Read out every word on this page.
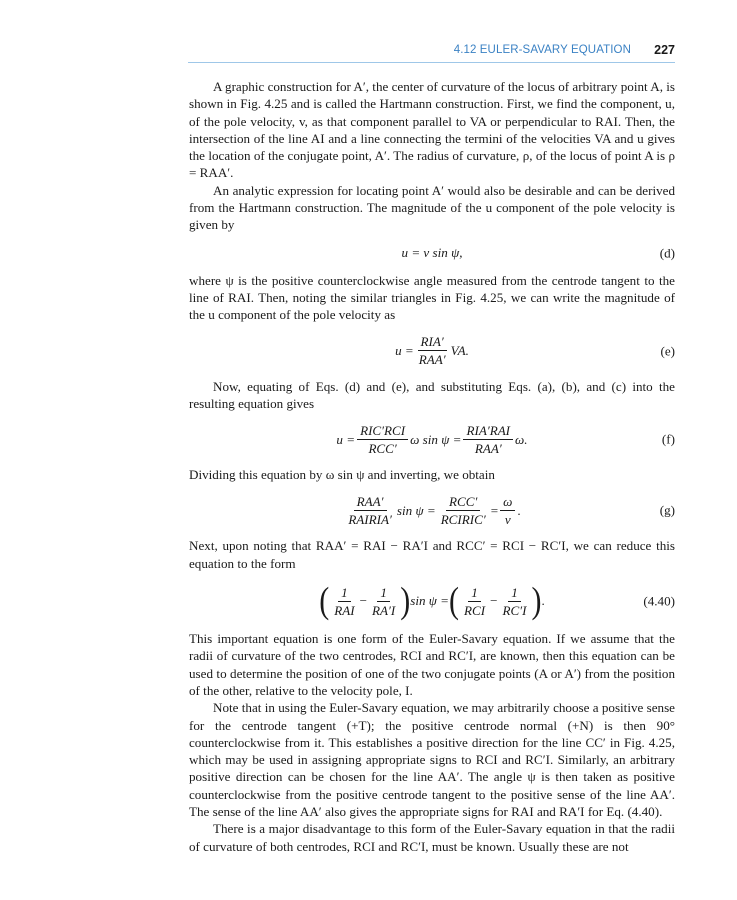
4.12 EULER-SAVARY EQUATION 227

A graphic construction for A′, the center of curvature of the locus of arbitrary point A, is shown in Fig. 4.25 and is called the Hartmann construction. First, we find the component, u, of the pole velocity, v, as that component parallel to VA or perpendicular to RAI. Then, the intersection of the line AI and a line connecting the termini of the velocities VA and u gives the location of the conjugate point, A′. The radius of curvature, ρ, of the locus of point A is ρ = RAA′.

An analytic expression for locating point A′ would also be desirable and can be derived from the Hartmann construction. The magnitude of the u component of the pole velocity is given by

u = v sin ψ,	(d)

where ψ is the positive counterclockwise angle measured from the centrode tangent to the line of RAI. Then, noting the similar triangles in Fig. 4.25, we can write the magnitude of the u component of the pole velocity as

$u = \frac{\text{RIA′}}{\text{RAA′}}$ VA.	(e)

Now, equating of Eqs. (d) and (e), and substituting Eqs. (a), (b), and (c) into the resulting equation gives

$u = \frac{\text{RIC′RCI}}{\text{RCC′}}$ ω $\sin \psi = \frac{\text{RIA′RAI}}{\text{RAA′}} \omega$.	(f)

Dividing this equation by ω sin ψ and inverting, we obtain

$\frac{\text{RAA′}}{\text{RAIRIA′}}$ $\sin \psi = \frac{\text{RCC′}}{\text{RCIRIC′}} = \frac{\omega}{v}$ .	(g)

Next, upon noting that RAA′ = RAI − RA′I and RCC′ = RCI − RC′I, we can reduce this equation to the form

( $\frac{1}{\text{RAI}} - \frac{1}{RA'I}$ ) sin ψ = ( $\frac{1}{\text{RCI}} - \frac{1}{RC'I}$ ) .	(4.40)

This important equation is one form of the Euler-Savary equation. If we assume that the radii of curvature of the two centrodes, RCI and RC′I, are known, then this equation can be used to determine the position of one of the two conjugate points (A or A′) from the position of the other, relative to the velocity pole, I.

Note that in using the Euler-Savary equation, we may arbitrarily choose a positive sense for the centrode tangent (+T); the positive centrode normal (+N) is then 90° counterclockwise from it. This establishes a positive direction for the line CC′ in Fig. 4.25, which may be used in assigning appropriate signs to RCI and RC′I. Similarly, an arbitrary positive direction can be chosen for the line AA′. The angle ψ is then taken as positive counterclockwise from the positive centrode tangent to the positive sense of the line AA′. The sense of the line AA′ also gives the appropriate signs for RAI and RA′I for Eq. (4.40).

There is a major disadvantage to this form of the Euler-Savary equation in that the radii of curvature of both centrodes, RCI and RC′I, must be known. Usually these are not
